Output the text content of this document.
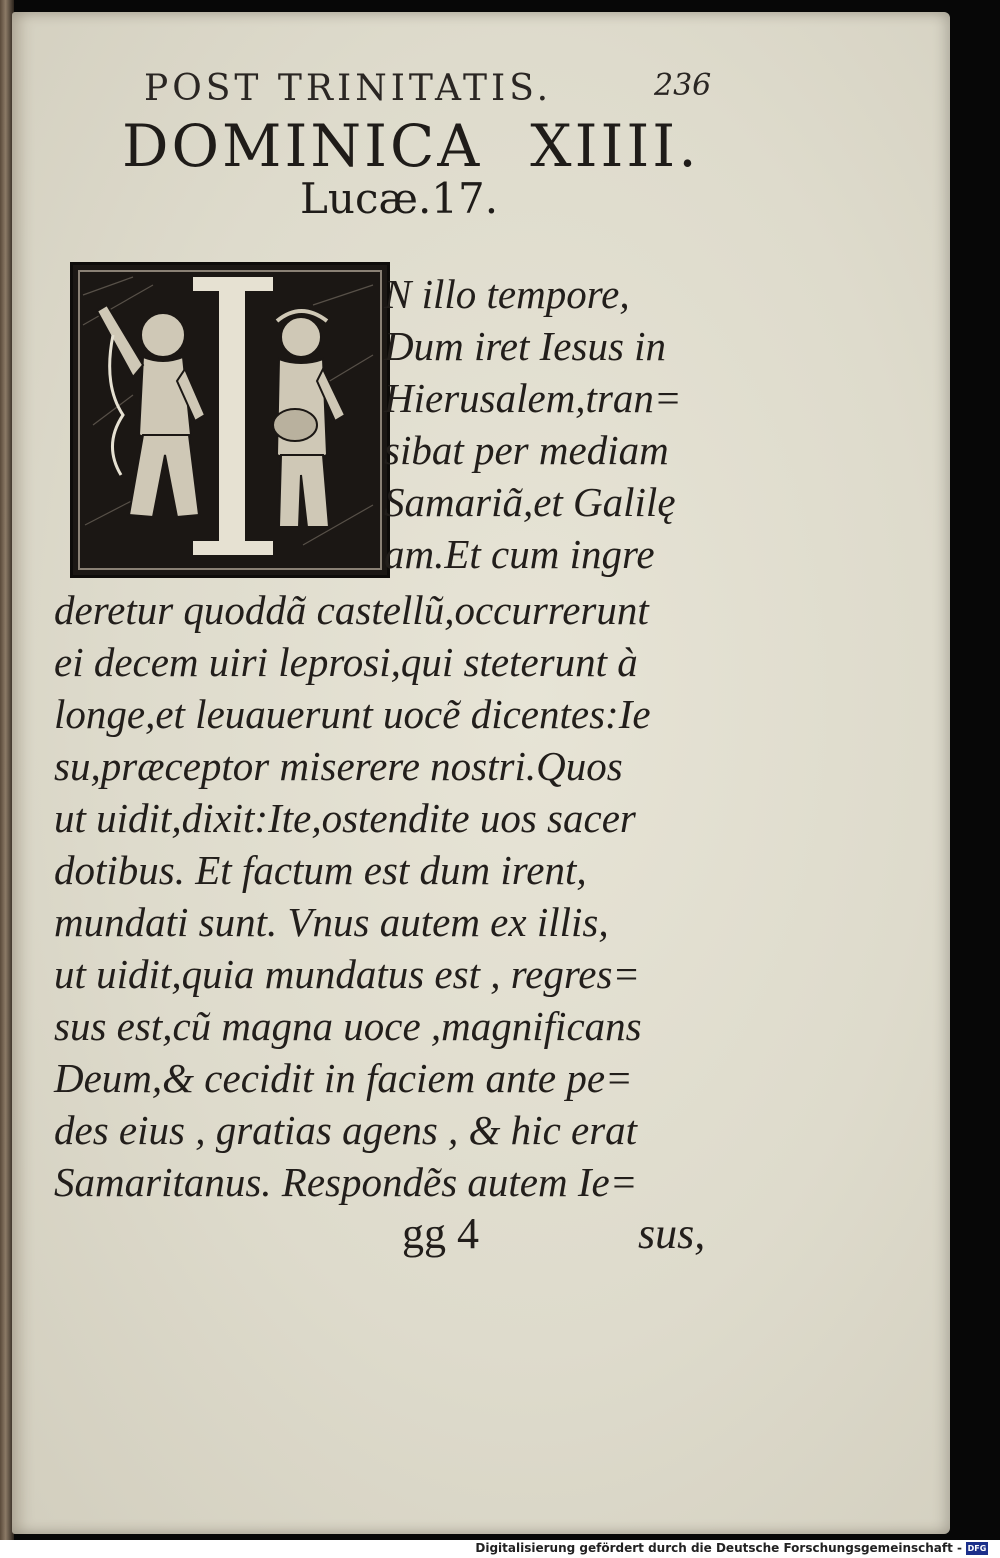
POST TRINITATIS.	236
DOMINICA XIIII.
Lucæ.17.
N illo tempore,
Dum iret Iesus in
Hierusalem,tran=
sibat per mediam
Samariã,et Galilę
am.Et cum ingre
deretur quoddã castellũ,occurrerunt
ei decem uiri leprosi,qui steterunt à
longe,et leuauerunt uocẽ dicentes:Ie
su,præceptor miserere nostri.Quos
ut uidit,dixit:Ite,ostendite uos sacer
dotibus. Et factum est dum irent,
mundati sunt. Vnus autem ex illis,
ut uidit,quia mundatus est , regres=
sus est,cũ magna uoce ,magnificans
Deum,& cecidit in faciem ante pe=
des eius , gratias agens , & hic erat
Samaritanus. Respondẽs autem Ie=
gg 4	sus,
Digitalisierung gefördert durch die Deutsche Forschungsgemeinschaft - DFG
